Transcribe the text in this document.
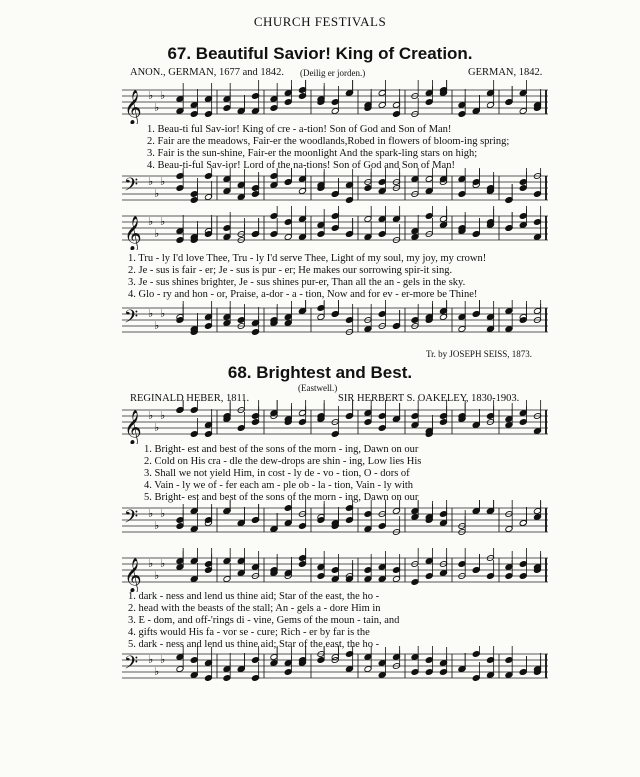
CHURCH FESTIVALS
67. Beautiful Savior! King of Creation.
ANON., GERMAN, 1677 and 1842. (Deilig er jorden.)	GERMAN, 1842.
𝄞 ♭
♭
♭
1. Beau-ti ful Sav-ior! King of cre - a-tion! Son of God and Son of Man!
2. Fair are the meadows, Fair-er the woodlands,Robed in flowers of bloom-ing spring;
3. Fair is the sun-shine, Fair-er the moonlight And the spark-ling stars on high;
4. Beau-ti-ful Sav-ior! Lord of the na-tions! Son of God and Son of Man!
𝄢 ♭
♭
♭
𝄞 ♭
♭
♭
1. Tru - ly I'd love Thee, Tru - ly I'd serve Thee, Light of my soul, my joy, my crown!
2. Je - sus is fair - er; Je - sus is pur - er; He makes our sorrowing spir-it sing.
3. Je - sus shines brighter, Je - sus shines pur-er, Than all the an - gels in the sky.
4. Glo - ry and hon - or, Praise, a-dor - a - tion, Now and for ev - er-more be Thine!
𝄢 ♭
♭
♭
Tr. by JOSEPH SEISS, 1873.
68. Brightest and Best.
(Eastwell.)
REGINALD HEBER, 1811.	SIR HERBERT S. OAKELEY, 1830-1903.
𝄞 ♭
♭
♭
1. Bright- est and best of the sons of the morn - ing, Dawn on our
2. Cold on His cra - dle the dew-drops are shin - ing, Low lies His
3. Shall we not yield Him, in cost - ly de - vo - tion, O - dors of
4. Vain - ly we of - fer each am - ple ob - la - tion, Vain - ly with
5. Bright- est and best of the sons of the morn - ing, Dawn on our
𝄢 ♭
♭
♭
𝄞 ♭
♭
♭
1. dark - ness and lend us thine aid; Star of the east, the ho -
2. head with the beasts of the stall; An - gels a - dore Him in
3. E - dom, and off-'rings di - vine, Gems of the moun - tain, and
4. gifts would His fa - vor se - cure; Rich - er by far is the
5. dark - ness and lend us thine aid; Star of the east, the ho -
𝄢 ♭
♭
♭
